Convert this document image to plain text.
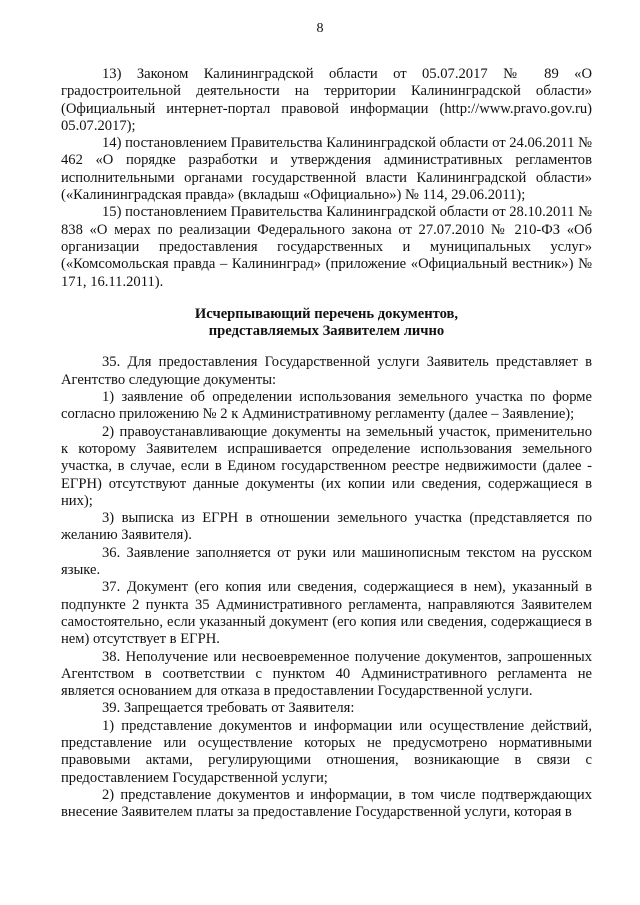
8

13) Законом Калининградской области от 05.07.2017 № 89 «О градостроительной деятельности на территории Калининградской области» (Официальный интернет-портал правовой информации (http://www.pravo.gov.ru) 05.07.2017);

14) постановлением Правительства Калининградской области от 24.06.2011 № 462 «О порядке разработки и утверждения административных регламентов исполнительными органами государственной власти Калининградской области» («Калининградская правда» (вкладыш «Официально») № 114, 29.06.2011);

15) постановлением Правительства Калининградской области от 28.10.2011 № 838 «О мерах по реализации Федерального закона от 27.07.2010 № 210-ФЗ «Об организации предоставления государственных и муниципальных услуг» («Комсомольская правда – Калининград» (приложение «Официальный вестник») № 171, 16.11.2011).

Исчерпывающий перечень документов,
представляемых Заявителем лично

35. Для предоставления Государственной услуги Заявитель представляет в Агентство следующие документы:

1) заявление об определении использования земельного участка по форме согласно приложению № 2 к Административному регламенту (далее – Заявление);

2) правоустанавливающие документы на земельный участок, применительно к которому Заявителем испрашивается определение использования земельного участка, в случае, если в Едином государственном реестре недвижимости (далее - ЕГРН) отсутствуют данные документы (их копии или сведения, содержащиеся в них);

3) выписка из ЕГРН в отношении земельного участка (представляется по желанию Заявителя).

36. Заявление заполняется от руки или машинописным текстом на русском языке.

37. Документ (его копия или сведения, содержащиеся в нем), указанный в подпункте 2 пункта 35 Административного регламента, направляются Заявителем самостоятельно, если указанный документ (его копия или сведения, содержащиеся в нем) отсутствует в ЕГРН.

38. Неполучение или несвоевременное получение документов, запрошенных Агентством в соответствии с пунктом 40 Административного регламента не является основанием для отказа в предоставлении Государственной услуги.

39. Запрещается требовать от Заявителя:

1) представление документов и информации или осуществление действий, представление или осуществление которых не предусмотрено нормативными правовыми актами, регулирующими отношения, возникающие в связи с предоставлением Государственной услуги;

2) представление документов и информации, в том числе подтверждающих внесение Заявителем платы за предоставление Государственной услуги, которая в
